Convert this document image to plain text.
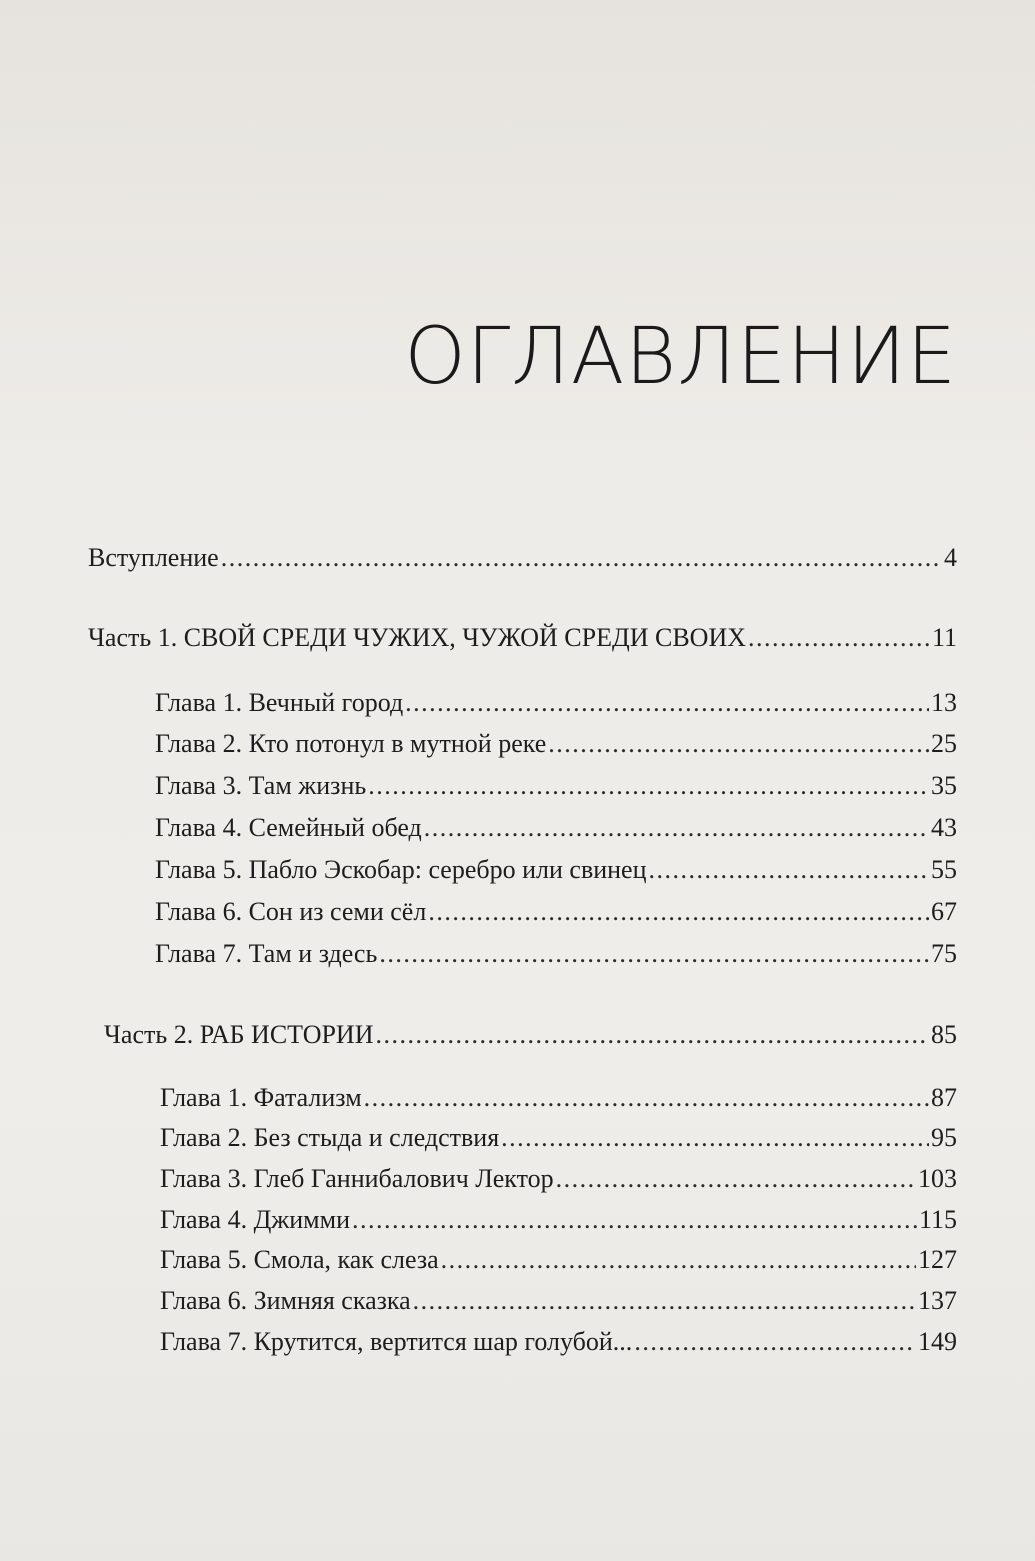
ОГЛАВЛЕНИЕ
Вступление .....	4
Часть 1. СВОЙ СРЕДИ ЧУЖИХ, ЧУЖОЙ СРЕДИ СВОИХ .....	11
Глава 1. Вечный город .....	13
Глава 2. Кто потонул в мутной реке .....	25
Глава 3. Там жизнь .....	35
Глава 4. Семейный обед .....	43
Глава 5. Пабло Эскобар: серебро или свинец .....	55
Глава 6. Сон из семи сёл .....	67
Глава 7. Там и здесь .....	75
Часть 2. РАБ ИСТОРИИ .....	85
Глава 1. Фатализм .....	87
Глава 2. Без стыда и следствия .....	95
Глава 3. Глеб Ганнибалович Лектор .....	103
Глава 4. Джимми .....	115
Глава 5. Смола, как слеза .....	127
Глава 6. Зимняя сказка .....	137
Глава 7. Крутится, вертится шар голубой... .....	149
